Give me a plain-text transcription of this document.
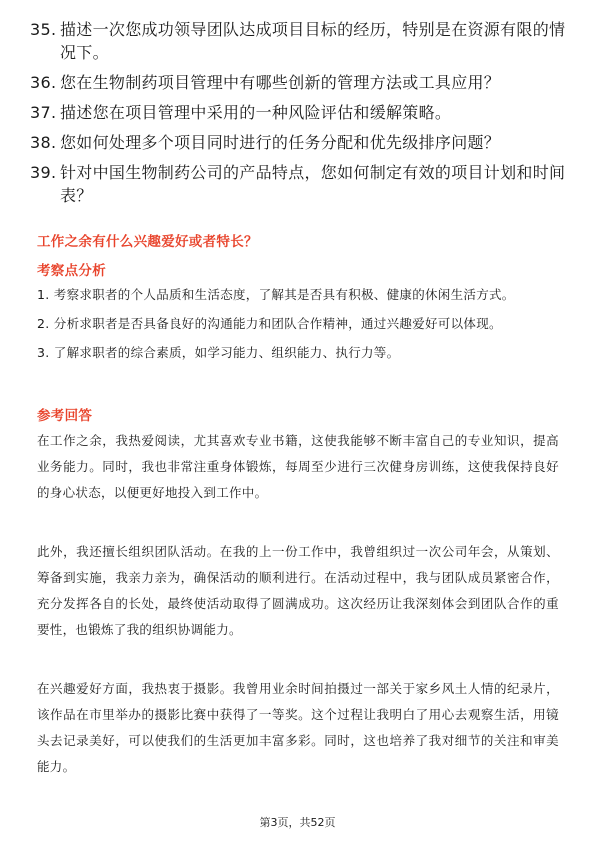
35. 描述一次您成功领导团队达成项目目标的经历，特别是在资源有限的情况下。
36. 您在生物制药项目管理中有哪些创新的管理方法或工具应用？
37. 描述您在项目管理中采用的一种风险评估和缓解策略。
38. 您如何处理多个项目同时进行的任务分配和优先级排序问题？
39. 针对中国生物制药公司的产品特点，您如何制定有效的项目计划和时间表？
工作之余有什么兴趣爱好或者特长？
考察点分析
1. 考察求职者的个人品质和生活态度，了解其是否具有积极、健康的休闲生活方式。
2. 分析求职者是否具备良好的沟通能力和团队合作精神，通过兴趣爱好可以体现。
3. 了解求职者的综合素质，如学习能力、组织能力、执行力等。
参考回答

在工作之余，我热爱阅读，尤其喜欢专业书籍，这使我能够不断丰富自己的专业知识，提高业务能力。同时，我也非常注重身体锻炼，每周至少进行三次健身房训练，这使我保持良好的身心状态，以便更好地投入到工作中。

此外，我还擅长组织团队活动。在我的上一份工作中，我曾组织过一次公司年会，从策划、筹备到实施，我亲力亲为，确保活动的顺利进行。在活动过程中，我与团队成员紧密合作，充分发挥各自的长处，最终使活动取得了圆满成功。这次经历让我深刻体会到团队合作的重要性，也锻炼了我的组织协调能力。

在兴趣爱好方面，我热衷于摄影。我曾用业余时间拍摄过一部关于家乡风土人情的纪录片，该作品在市里举办的摄影比赛中获得了一等奖。这个过程让我明白了用心去观察生活，用镜头去记录美好，可以使我们的生活更加丰富多彩。同时，这也培养了我对细节的关注和审美能力。

第3页，共52页
